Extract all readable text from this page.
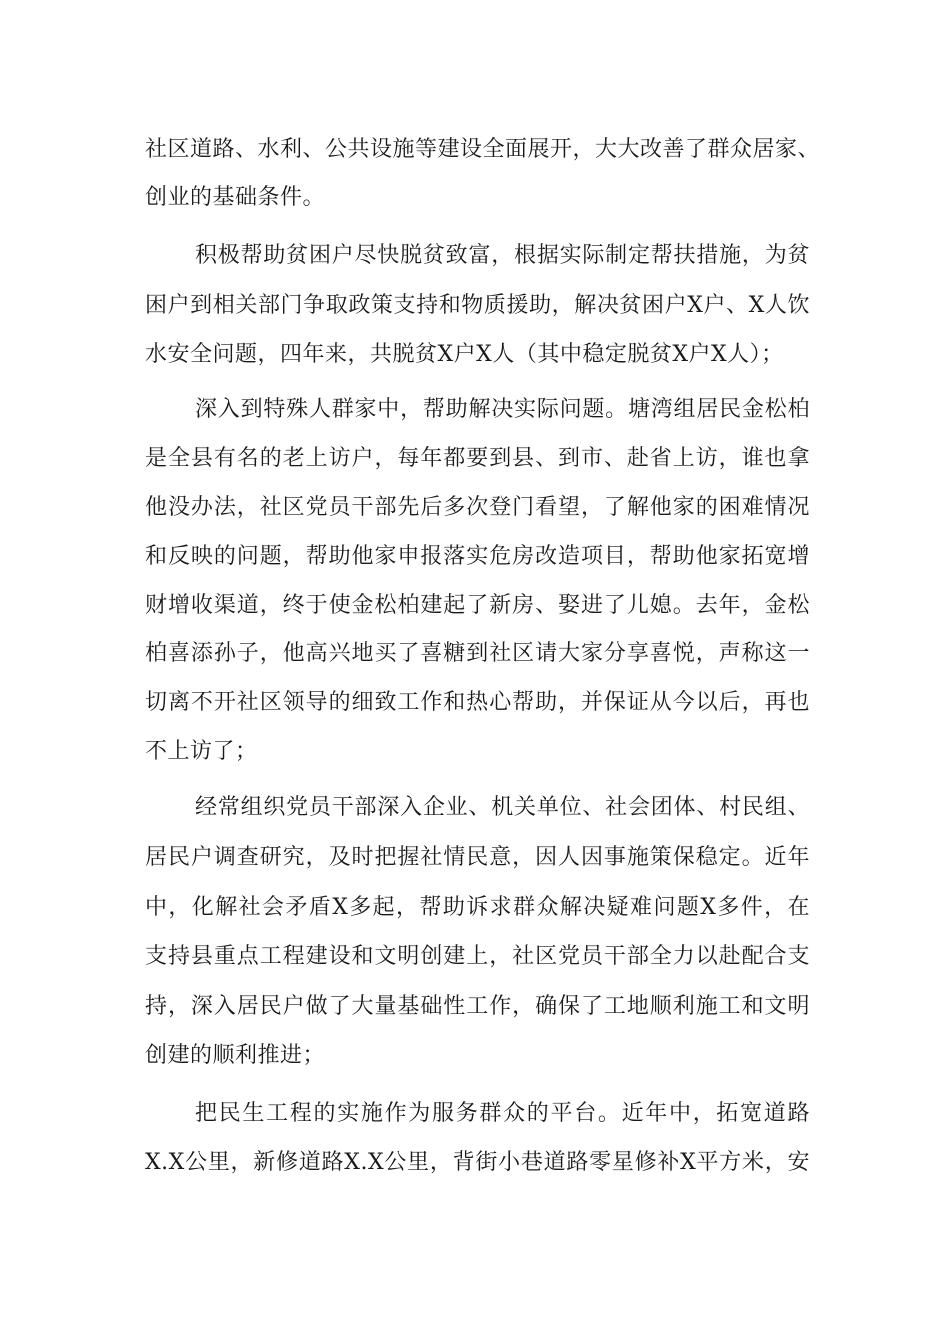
社区道路、水利、公共设施等建设全面展开，大大改善了群众居家、
创业的基础条件。
积极帮助贫困户尽快脱贫致富，根据实际制定帮扶措施，为贫
困户到相关部门争取政策支持和物质援助，解决贫困户X户、X人饮
水安全问题，四年来，共脱贫X户X人（其中稳定脱贫X户X人）；
深入到特殊人群家中，帮助解决实际问题。塘湾组居民金松柏
是全县有名的老上访户，每年都要到县、到市、赴省上访，谁也拿
他没办法，社区党员干部先后多次登门看望，了解他家的困难情况
和反映的问题，帮助他家申报落实危房改造项目，帮助他家拓宽增
财增收渠道，终于使金松柏建起了新房、娶进了儿媳。去年，金松
柏喜添孙子，他高兴地买了喜糖到社区请大家分享喜悦，声称这一
切离不开社区领导的细致工作和热心帮助，并保证从今以后，再也
不上访了；
经常组织党员干部深入企业、机关单位、社会团体、村民组、
居民户调查研究，及时把握社情民意，因人因事施策保稳定。近年
中，化解社会矛盾X多起，帮助诉求群众解决疑难问题X多件，在
支持县重点工程建设和文明创建上，社区党员干部全力以赴配合支
持，深入居民户做了大量基础性工作，确保了工地顺利施工和文明
创建的顺利推进；
把民生工程的实施作为服务群众的平台。近年中，拓宽道路
X.X公里，新修道路X.X公里，背街小巷道路零星修补X平方米，安
